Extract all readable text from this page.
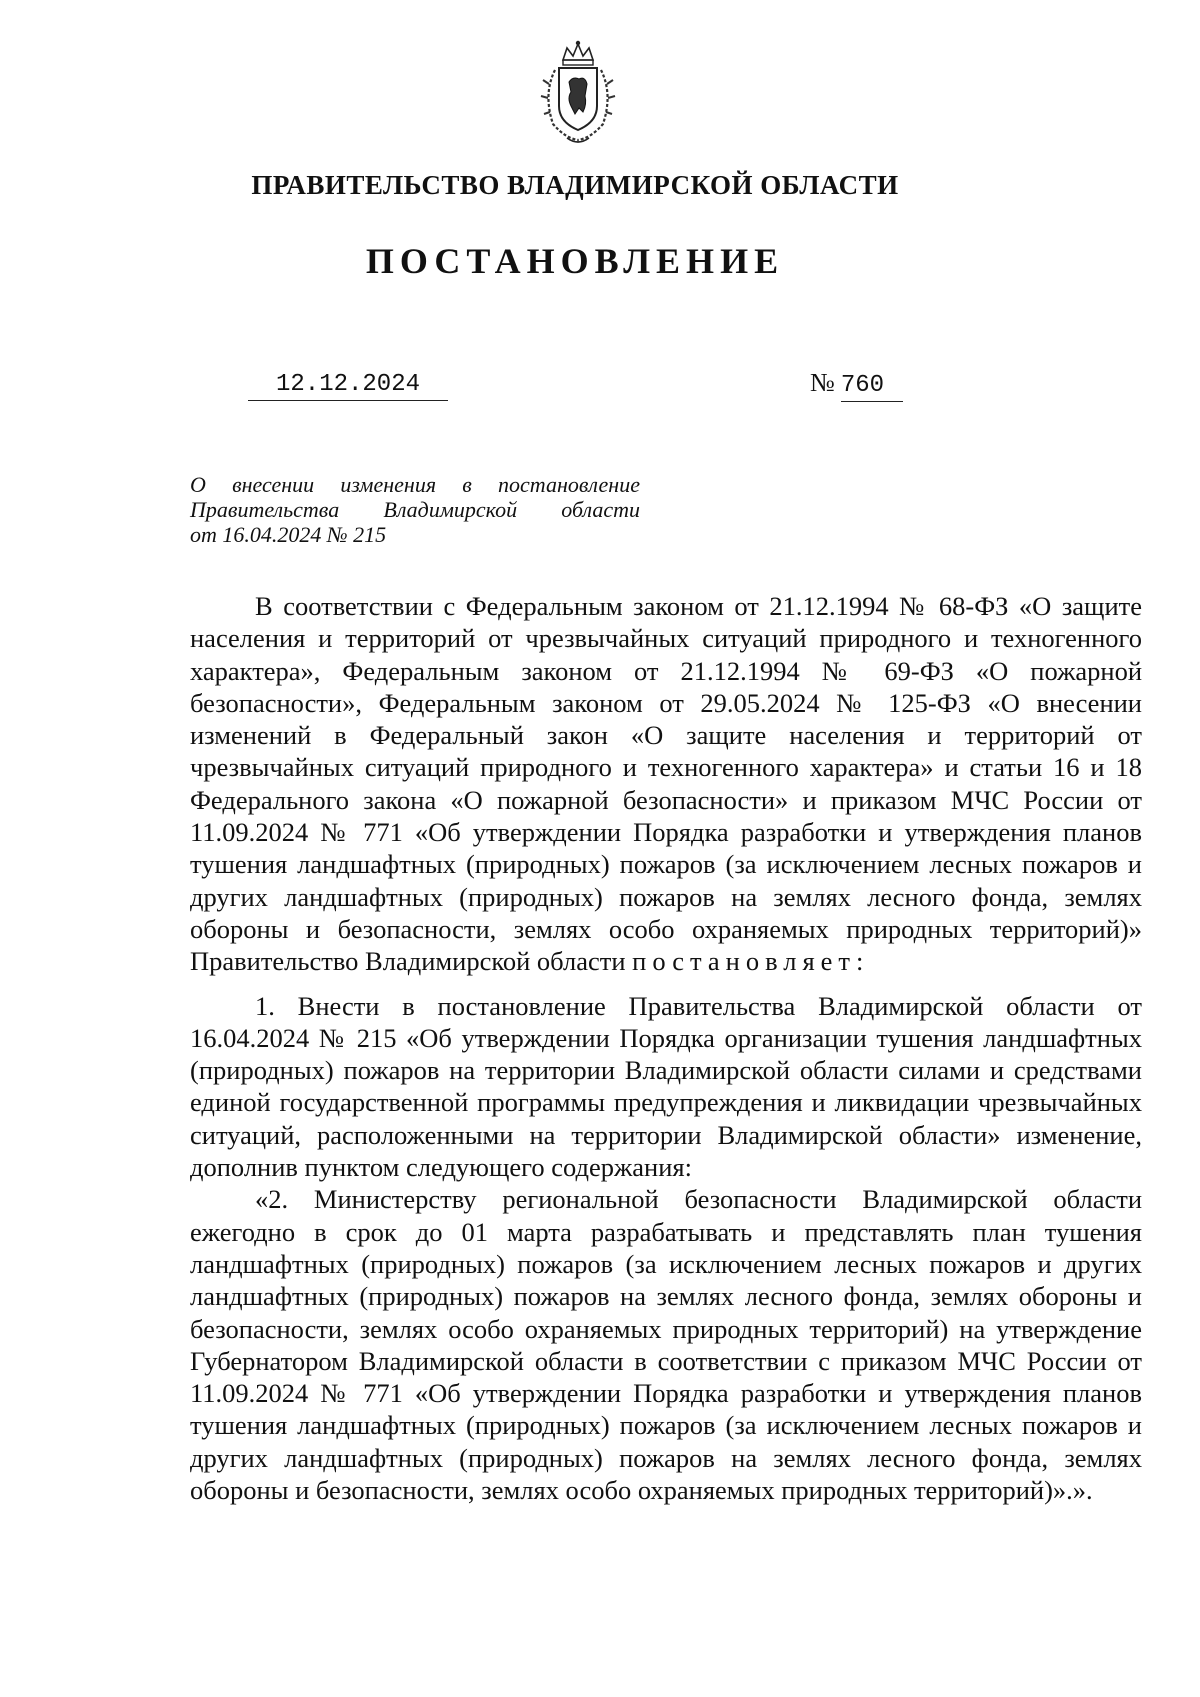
ПРАВИТЕЛЬСТВО ВЛАДИМИРСКОЙ ОБЛАСТИ
ПОСТАНОВЛЕНИЕ
12.12.2024	№ 760
О внесении изменения в постановление
Правительства Владимирской области
от 16.04.2024 № 215

В соответствии с Федеральным законом от 21.12.1994 № 68-ФЗ «О защите населения и территорий от чрезвычайных ситуаций природного и техногенного характера», Федеральным законом от 21.12.1994 № 69-ФЗ «О пожарной безопасности», Федеральным законом от 29.05.2024 № 125-ФЗ «О внесении изменений в Федеральный закон «О защите населения и территорий от чрезвычайных ситуаций природного и техногенного характера» и статьи 16 и 18 Федерального закона «О пожарной безопасности» и приказом МЧС России от 11.09.2024 № 771 «Об утверждении Порядка разработки и утверждения планов тушения ландшафтных (природных) пожаров (за исключением лесных пожаров и других ландшафтных (природных) пожаров на землях лесного фонда, землях обороны и безопасности, землях особо охраняемых природных территорий)» Правительство Владимирской области постановляет:

1. Внести в постановление Правительства Владимирской области от 16.04.2024 № 215 «Об утверждении Порядка организации тушения ландшафтных (природных) пожаров на территории Владимирской области силами и средствами единой государственной программы предупреждения и ликвидации чрезвычайных ситуаций, расположенными на территории Владимирской области» изменение, дополнив пунктом следующего содержания:

«2. Министерству региональной безопасности Владимирской области ежегодно в срок до 01 марта разрабатывать и представлять план тушения ландшафтных (природных) пожаров (за исключением лесных пожаров и других ландшафтных (природных) пожаров на землях лесного фонда, землях обороны и безопасности, землях особо охраняемых природных территорий) на утверждение Губернатором Владимирской области в соответствии с приказом МЧС России от 11.09.2024 № 771 «Об утверждении Порядка разработки и утверждения планов тушения ландшафтных (природных) пожаров (за исключением лесных пожаров и других ландшафтных (природных) пожаров на землях лесного фонда, землях обороны и безопасности, землях особо охраняемых природных территорий)».».
